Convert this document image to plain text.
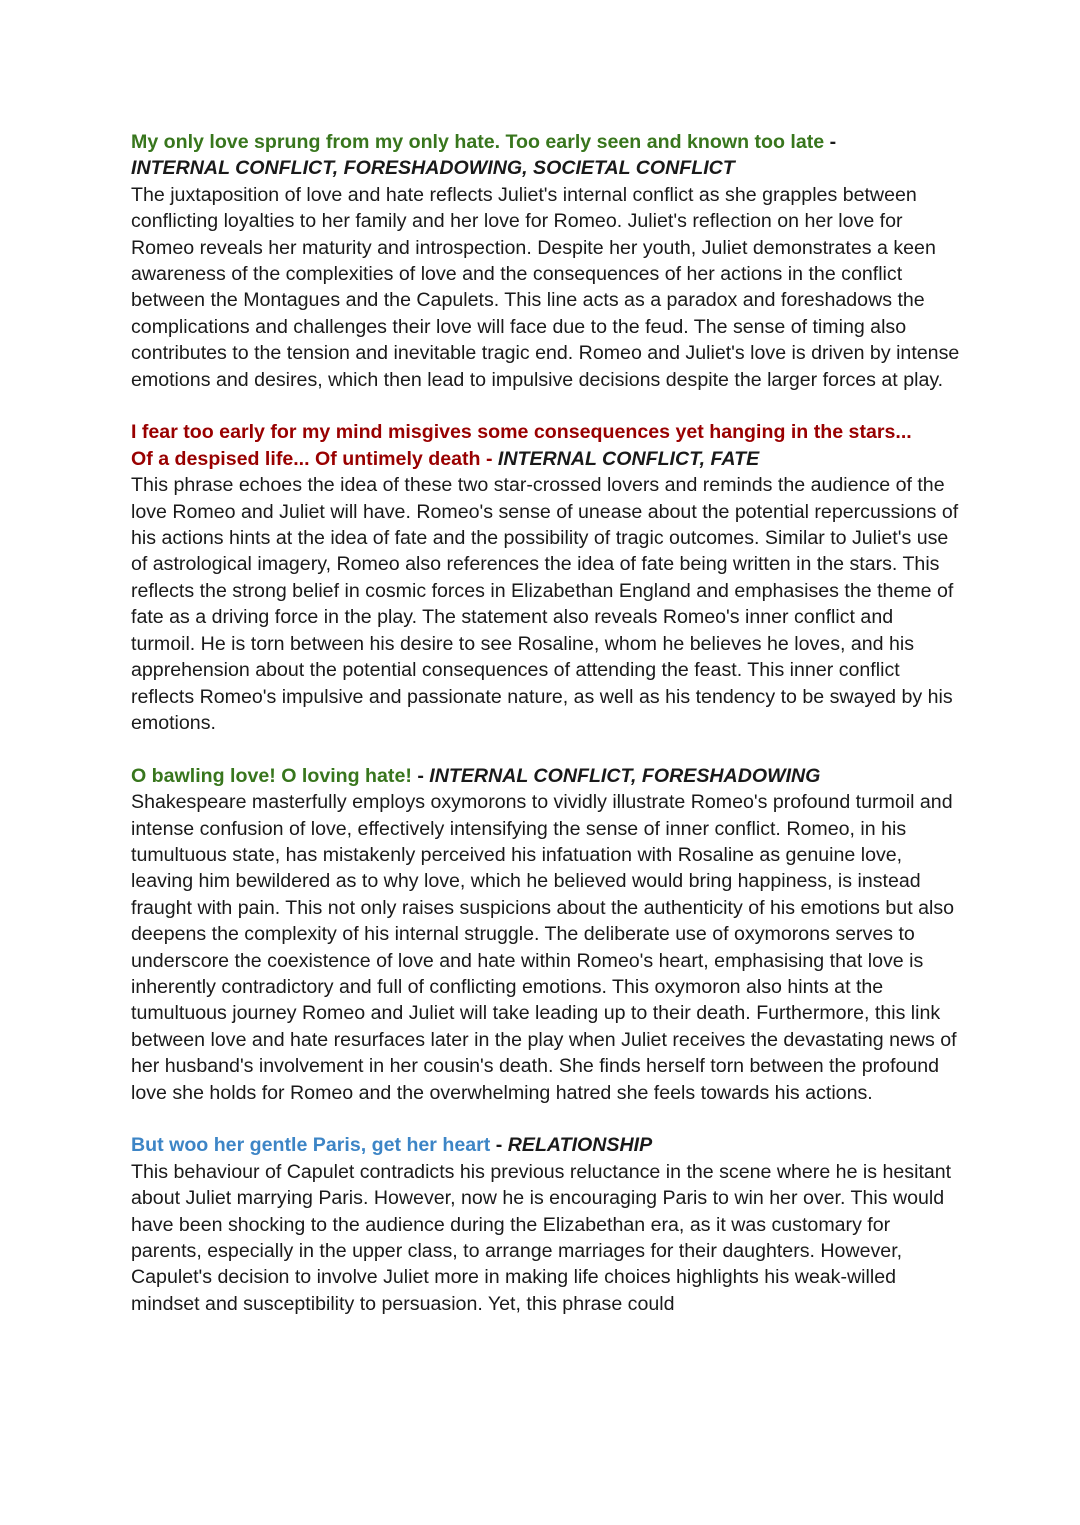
My only love sprung from my only hate. Too early seen and known too late -
INTERNAL CONFLICT, FORESHADOWING, SOCIETAL CONFLICT
The juxtaposition of love and hate reflects Juliet's internal conflict as she grapples between conflicting loyalties to her family and her love for Romeo. Juliet's reflection on her love for Romeo reveals her maturity and introspection. Despite her youth, Juliet demonstrates a keen awareness of the complexities of love and the consequences of her actions in the conflict between the Montagues and the Capulets. This line acts as a paradox and foreshadows the complications and challenges their love will face due to the feud. The sense of timing also contributes to the tension and inevitable tragic end. Romeo and Juliet's love is driven by intense emotions and desires, which then lead to impulsive decisions despite the larger forces at play.
I fear too early for my mind misgives some consequences yet hanging in the stars...
Of a despised life... Of untimely death - INTERNAL CONFLICT, FATE
This phrase echoes the idea of these two star-crossed lovers and reminds the audience of the love Romeo and Juliet will have. Romeo's sense of unease about the potential repercussions of his actions hints at the idea of fate and the possibility of tragic outcomes. Similar to Juliet's use of astrological imagery, Romeo also references the idea of fate being written in the stars. This reflects the strong belief in cosmic forces in Elizabethan England and emphasises the theme of fate as a driving force in the play. The statement also reveals Romeo's inner conflict and turmoil. He is torn between his desire to see Rosaline, whom he believes he loves, and his apprehension about the potential consequences of attending the feast. This inner conflict reflects Romeo's impulsive and passionate nature, as well as his tendency to be swayed by his emotions.
O bawling love! O loving hate! - INTERNAL CONFLICT, FORESHADOWING
Shakespeare masterfully employs oxymorons to vividly illustrate Romeo's profound turmoil and intense confusion of love, effectively intensifying the sense of inner conflict. Romeo, in his tumultuous state, has mistakenly perceived his infatuation with Rosaline as genuine love, leaving him bewildered as to why love, which he believed would bring happiness, is instead fraught with pain. This not only raises suspicions about the authenticity of his emotions but also deepens the complexity of his internal struggle. The deliberate use of oxymorons serves to underscore the coexistence of love and hate within Romeo's heart, emphasising that love is inherently contradictory and full of conflicting emotions. This oxymoron also hints at the tumultuous journey Romeo and Juliet will take leading up to their death. Furthermore, this link between love and hate resurfaces later in the play when Juliet receives the devastating news of her husband's involvement in her cousin's death. She finds herself torn between the profound love she holds for Romeo and the overwhelming hatred she feels towards his actions.
But woo her gentle Paris, get her heart - RELATIONSHIP
This behaviour of Capulet contradicts his previous reluctance in the scene where he is hesitant about Juliet marrying Paris. However, now he is encouraging Paris to win her over. This would have been shocking to the audience during the Elizabethan era, as it was customary for parents, especially in the upper class, to arrange marriages for their daughters. However, Capulet's decision to involve Juliet more in making life choices highlights his weak-willed mindset and susceptibility to persuasion. Yet, this phrase could
